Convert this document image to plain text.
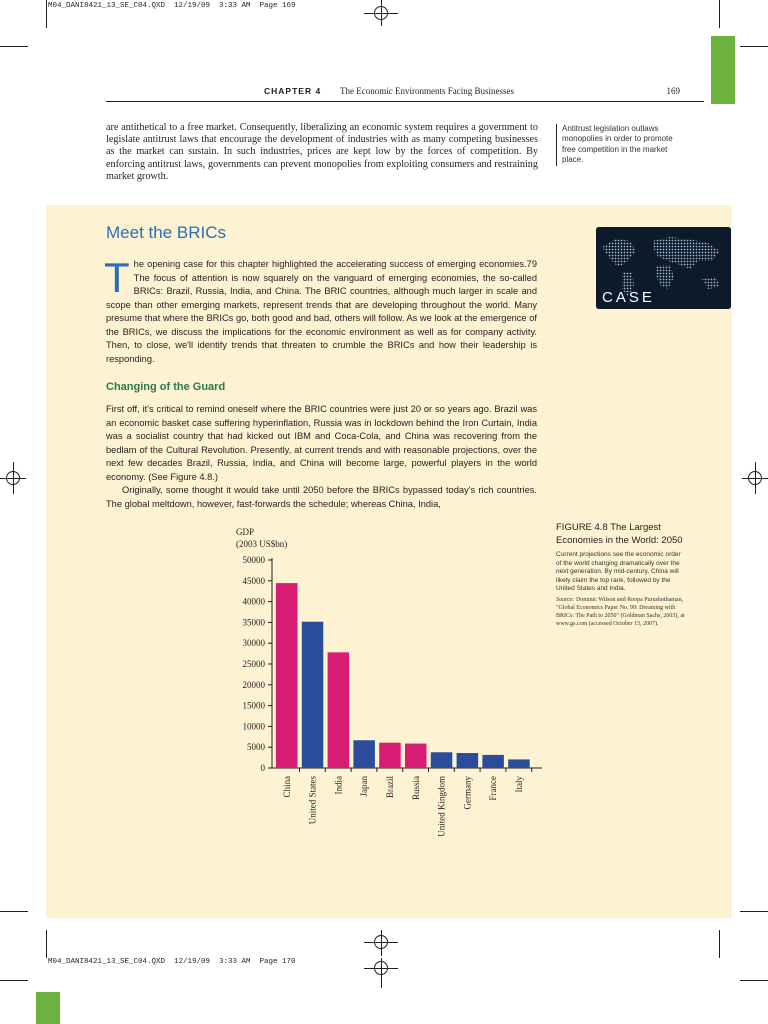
M04_DANI8421_13_SE_C04.QXD  12/19/09  3:33 AM  Page 169
M04_DANI8421_13_SE_C04.QXD  12/19/09  3:33 AM  Page 170
CHAPTER 4 The Economic Environments Facing Businesses	169
are antithetical to a free market. Consequently, liberalizing an economic system requires a government to legislate antitrust laws that encourage the development of industries with as many competing businesses as the market can sustain. In such industries, prices are kept low by the forces of competition. By enforcing antitrust laws, governments can prevent monopolies from exploiting consumers and restraining market growth.
Antitrust legislation outlaws monopolies in order to promote free competition in the market place.
Meet the BRICs
CASE
The opening case for this chapter highlighted the accelerating success of emerging economies.79 The focus of attention is now squarely on the vanguard of emerging economies, the so-called BRICs: Brazil, Russia, India, and China. The BRIC countries, although much larger in scale and scope than other emerging markets, represent trends that are developing throughout the world. Many presume that where the BRICs go, both good and bad, others will follow. As we look at the emergence of the BRICs, we discuss the implications for the economic environment as well as for company activity. Then, to close, we'll identify trends that threaten to crumble the BRICs and how their leadership is responding.
Changing of the Guard
First off, it's critical to remind oneself where the BRIC countries were just 20 or so years ago. Brazil was an economic basket case suffering hyperinflation, Russia was in lockdown behind the Iron Curtain, India was a socialist country that had kicked out IBM and Coca-Cola, and China was recovering from the bedlam of the Cultural Revolution. Presently, at current trends and with reasonable projections, over the next few decades Brazil, Russia, India, and China will become large, powerful players in the world economy. (See Figure 4.8.)
Originally, some thought it would take until 2050 before the BRICs bypassed today's rich countries. The global meltdown, however, fast-forwards the schedule; whereas China, India,
GDP
(2003 US$bn)
0
5000
10000
15000
20000
25000
30000
35000
40000
45000
50000
China United States India Japan Brazil Russia United Kingdom Germany France Italy
FIGURE 4.8 The Largest Economies in the World: 2050
Current projections see the economic order of the world changing dramatically over the next generation. By mid-century, China will likely claim the top rank, followed by the United States and India.
Source: Dominic Wilson and Roopa Purushothaman, "Global Economics Paper No. 99: Dreaming with BRICs: The Path to 2050" (Goldman Sachs, 2003), at www.gs.com (accessed October 15, 2007).
